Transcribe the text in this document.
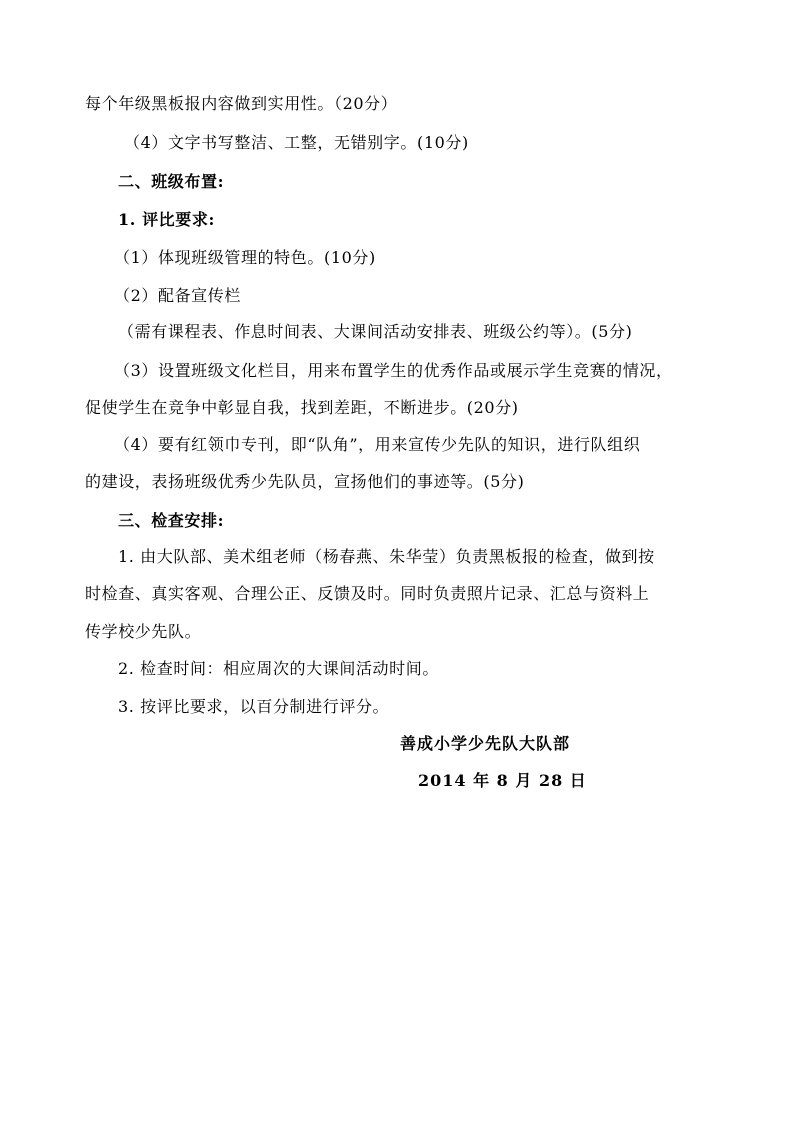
每个年级黑板报内容做到实用性。（20分）
（4）文字书写整洁、工整，无错别字。(10分)
二、班级布置:
1. 评比要求:
（1）体现班级管理的特色。(10分)
（2）配备宣传栏
（需有课程表、作息时间表、大课间活动安排表、班级公约等）。(5分)
（3）设置班级文化栏目，用来布置学生的优秀作品或展示学生竞赛的情况，
促使学生在竞争中彰显自我，找到差距，不断进步。(20分)
（4）要有红领巾专刊，即“队角”，用来宣传少先队的知识，进行队组织
的建设，表扬班级优秀少先队员，宣扬他们的事迹等。(5分)
三、检查安排:
1. 由大队部、美术组老师（杨春燕、朱华莹）负责黑板报的检查，做到按
时检查、真实客观、合理公正、反馈及时。同时负责照片记录、汇总与资料上
传学校少先队。
2. 检查时间：相应周次的大课间活动时间。
3. 按评比要求，以百分制进行评分。
善成小学少先队大队部
2014 年 8 月 28 日
